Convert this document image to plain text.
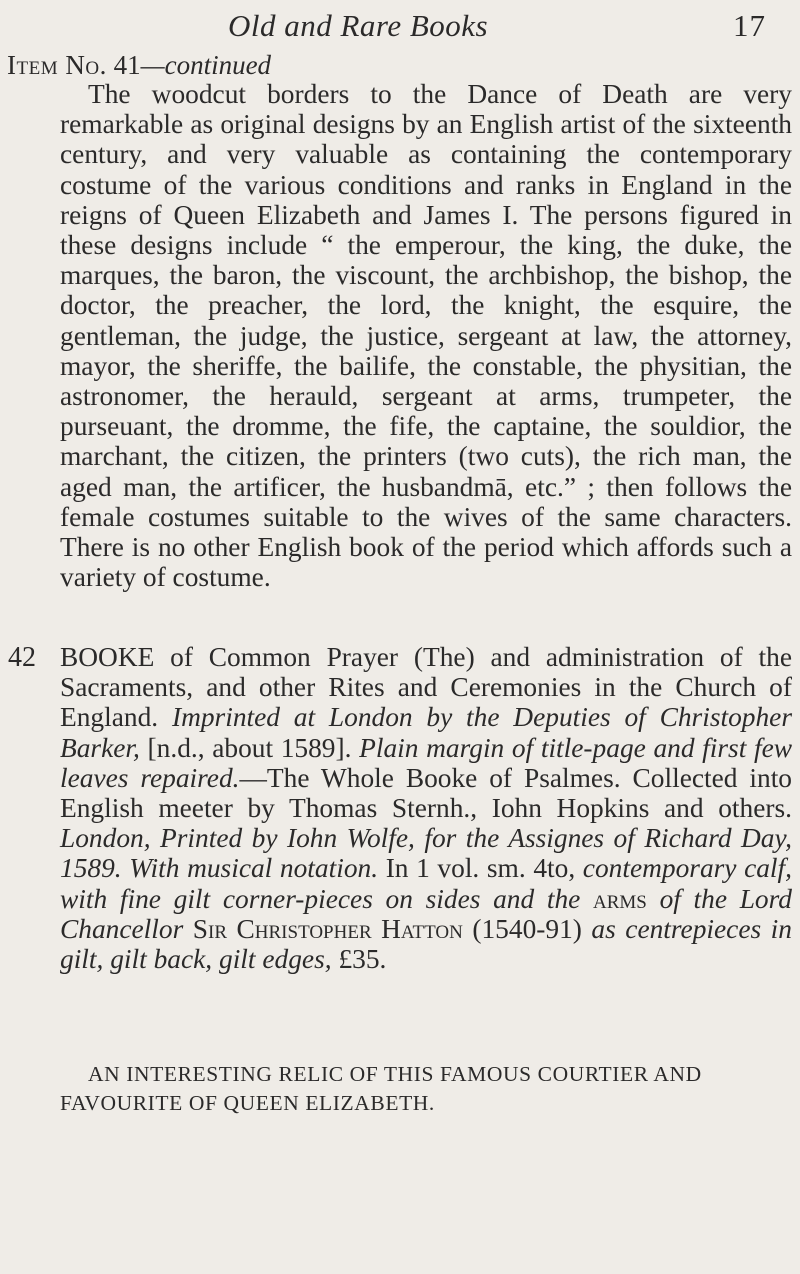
Old and Rare Books	17
Item No. 41—continued

The woodcut borders to the Dance of Death are very remarkable as original designs by an English artist of the sixteenth century, and very valuable as containing the contemporary costume of the various conditions and ranks in England in the reigns of Queen Elizabeth and James I. The persons figured in these designs include “ the emperour, the king, the duke, the marques, the baron, the viscount, the archbishop, the bishop, the doctor, the preacher, the lord, the knight, the esquire, the gentleman, the judge, the justice, sergeant at law, the attorney, mayor, the sheriffe, the bailife, the constable, the physitian, the astronomer, the herauld, sergeant at arms, trumpeter, the purseuant, the dromme, the fife, the captaine, the souldior, the marchant, the citizen, the printers (two cuts), the rich man, the aged man, the artificer, the husbandmā, etc.” ; then follows the female costumes suitable to the wives of the same characters. There is no other English book of the period which affords such a variety of costume.

42 BOOKE of Common Prayer (The) and administration of the Sacraments, and other Rites and Ceremonies in the Church of England. Imprinted at London by the Deputies of Christopher Barker, [n.d., about 1589]. Plain margin of title-page and first few leaves repaired.—The Whole Booke of Psalmes. Collected into English meeter by Thomas Sternh., Iohn Hopkins and others. London, Printed by Iohn Wolfe, for the Assignes of Richard Day, 1589. With musical notation. In 1 vol. sm. 4to, contemporary calf, with fine gilt corner-pieces on sides and the arms of the Lord Chancellor Sir Christopher Hatton (1540-91) as centrepieces in gilt, gilt back, gilt edges, £35.

AN INTERESTING RELIC OF THIS FAMOUS COURTIER AND FAVOURITE OF QUEEN ELIZABETH.
